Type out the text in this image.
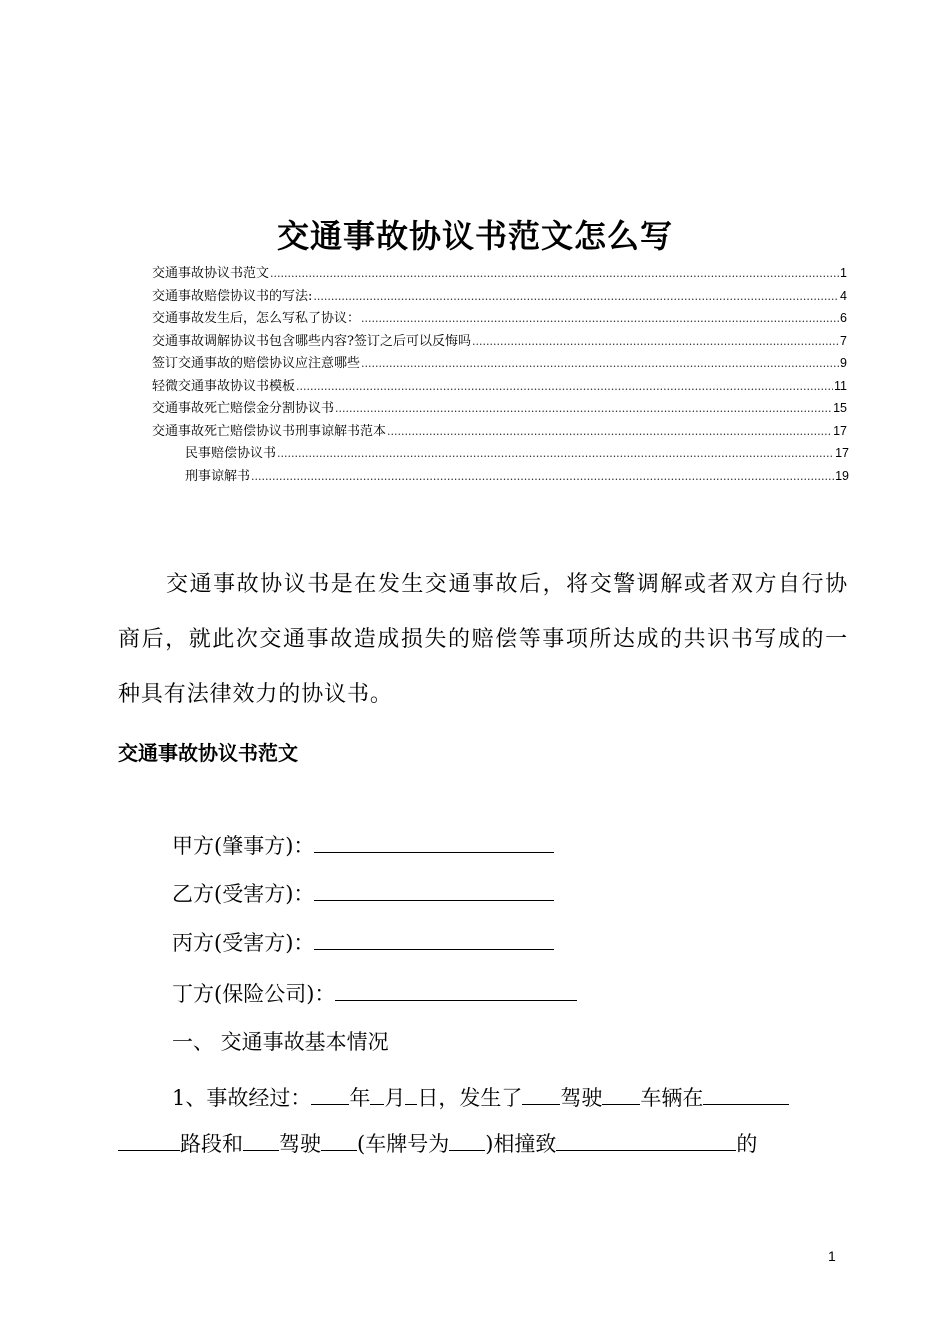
交通事故协议书范文怎么写
交通事故协议书范文 .....	1
交通事故赔偿协议书的写法: .....	4
交通事故发生后，怎么写私了协议： .....	6
交通事故调解协议书包含哪些内容?签订之后可以反悔吗 .....	7
签订交通事故的赔偿协议应注意哪些 .....	9
轻微交通事故协议书模板 .....	11
交通事故死亡赔偿金分割协议书 .....	15
交通事故死亡赔偿协议书刑事谅解书范本 .....	17
民事赔偿协议书 .....	17
刑事谅解书 .....	19

交通事故协议书是在发生交通事故后，将交警调解或者双方自行协商后，就此次交通事故造成损失的赔偿等事项所达成的共识书写成的一种具有法律效力的协议书。

交通事故协议书范文
甲方(肇事方)：
乙方(受害方)：
丙方(受害方)：
丁方(保险公司)：
一、 交通事故基本情况
1、事故经过： 年 月 日，发生了 驾驶 车辆在
路段和 驾驶 (车牌号为 )相撞致	的
1
